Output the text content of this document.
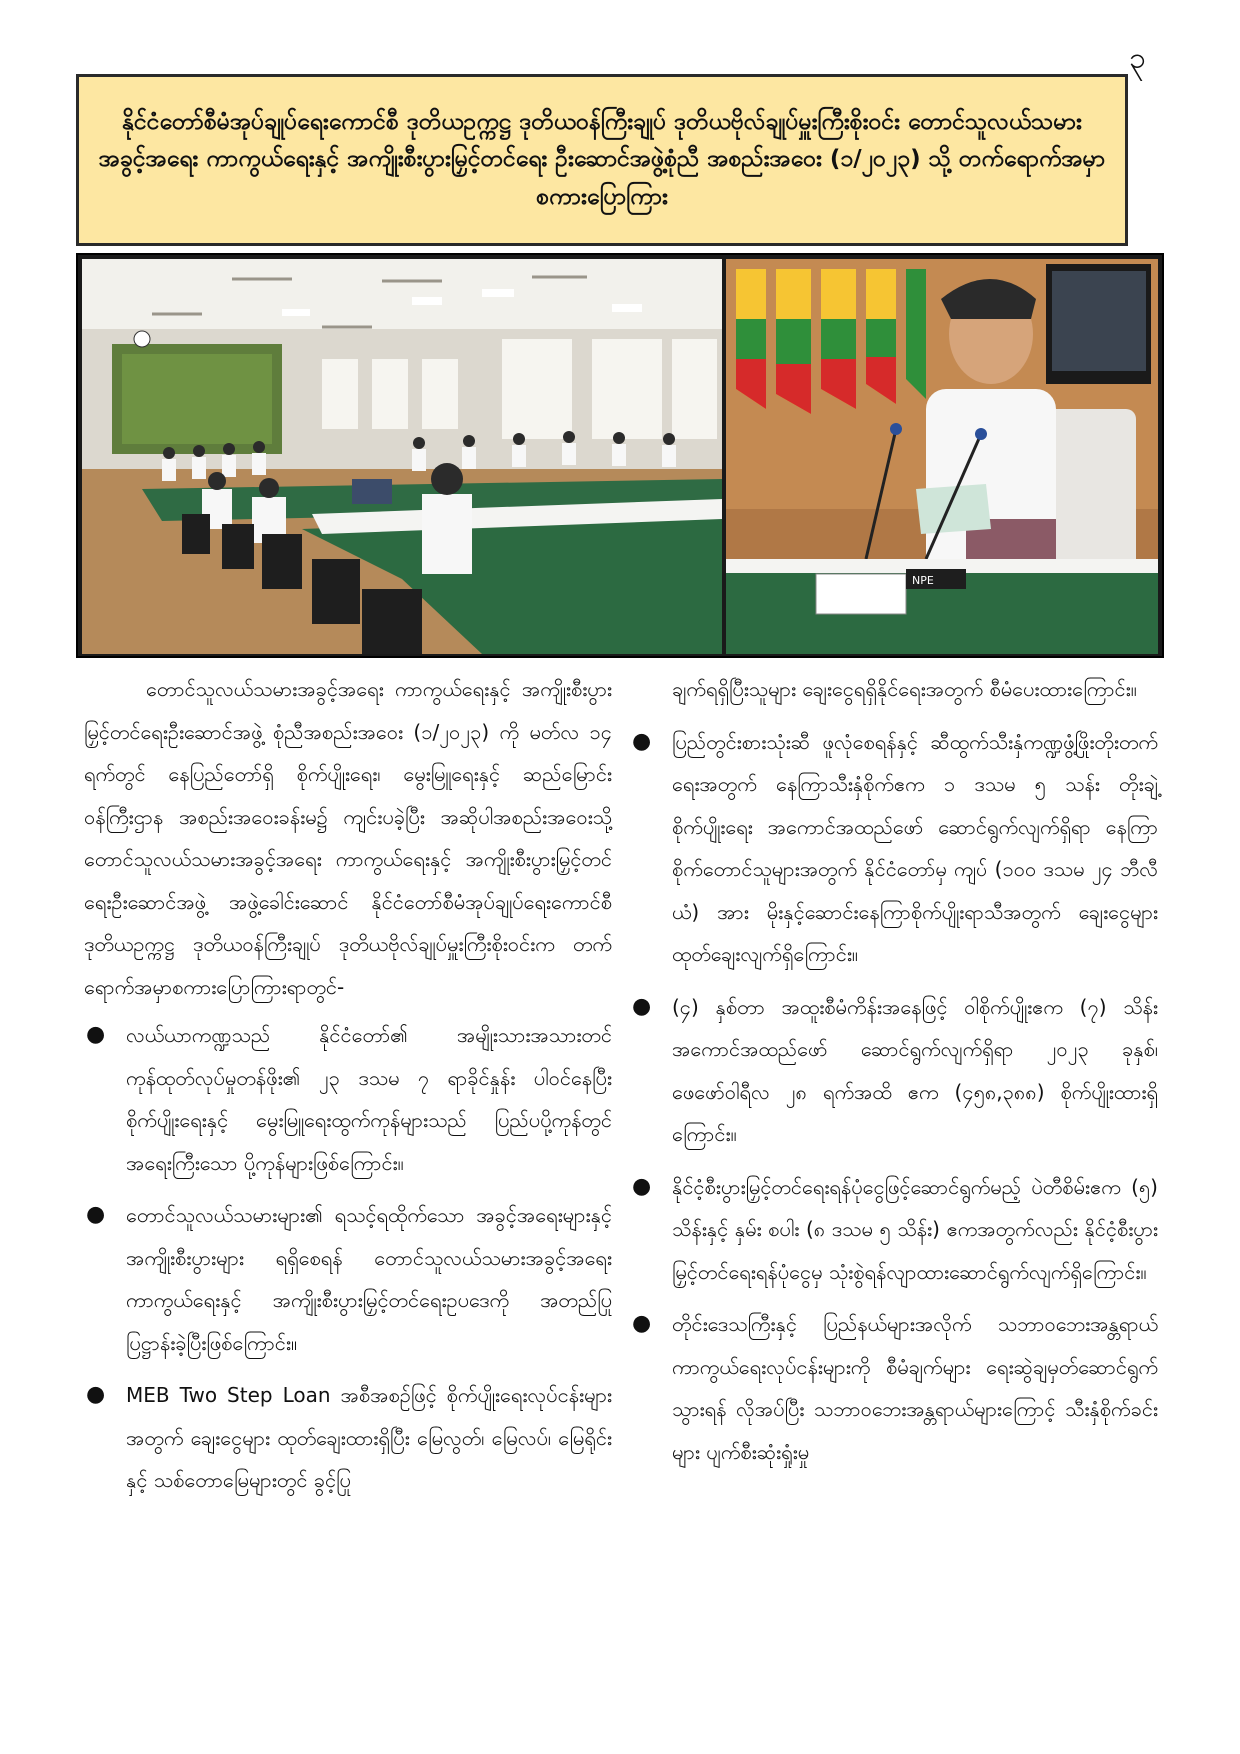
၃
နိုင်ငံတော်စီမံအုပ်ချုပ်ရေးကောင်စီ ဒုတိယဥက္ကဋ္ဌ ဒုတိယဝန်ကြီးချုပ် ဒုတိယဗိုလ်ချုပ်မှူးကြီးစိုးဝင်း တောင်သူလယ်သမားအခွင့်အရေး ကာကွယ်ရေးနှင့် အကျိုးစီးပွားမြှင့်တင်ရေး ဦးဆောင်အဖွဲ့စုံညီ အစည်းအဝေး (၁/၂၀၂၃) သို့ တက်ရောက်အမှာစကားပြောကြား
NPE

တောင်သူလယ်သမားအခွင့်အရေး ကာကွယ်ရေးနှင့် အကျိုးစီးပွားမြှင့်တင်ရေးဦးဆောင်အဖွဲ့ စုံညီအစည်းအဝေး (၁/၂၀၂၃) ကို မတ်လ ၁၄ ရက်တွင် နေပြည်တော်ရှိ စိုက်ပျိုးရေး၊ မွေးမြူရေးနှင့် ဆည်မြောင်းဝန်ကြီးဌာန အစည်းအဝေးခန်းမ၌ ကျင်းပခဲ့ပြီး အဆိုပါအစည်းအဝေးသို့ တောင်သူလယ်သမားအခွင့်အရေး ကာကွယ်ရေးနှင့် အကျိုးစီးပွားမြှင့်တင်ရေးဦးဆောင်အဖွဲ့ အဖွဲ့ခေါင်းဆောင် နိုင်ငံတော်စီမံအုပ်ချုပ်ရေးကောင်စီ ဒုတိယဥက္ကဋ္ဌ ဒုတိယဝန်ကြီးချုပ် ဒုတိယဗိုလ်ချုပ်မှူးကြီးစိုးဝင်းက တက်ရောက်အမှာစကားပြောကြားရာတွင်-

● လယ်ယာကဏ္ဍသည် နိုင်ငံတော်၏ အမျိုးသားအသားတင်ကုန်ထုတ်လုပ်မှုတန်ဖိုး၏ ၂၃ ဒသမ ၇ ရာခိုင်နှုန်း ပါဝင်နေပြီး စိုက်ပျိုးရေးနှင့် မွေးမြူရေးထွက်ကုန်များသည် ပြည်ပပို့ကုန်တွင် အရေးကြီးသော ပို့ကုန်များဖြစ်ကြောင်း။
● တောင်သူလယ်သမားများ၏ ရသင့်ရထိုက်သော အခွင့်အရေးများနှင့် အကျိုးစီးပွားများ ရရှိစေရန် တောင်သူလယ်သမားအခွင့်အရေး ကာကွယ်ရေးနှင့် အကျိုးစီးပွားမြှင့်တင်ရေးဥပဒေကို အတည်ပြုပြဋ္ဌာန်းခဲ့ပြီးဖြစ်ကြောင်း။
● MEB Two Step Loan အစီအစဉ်ဖြင့် စိုက်ပျိုးရေးလုပ်ငန်းများအတွက် ချေးငွေများ ထုတ်ချေးထားရှိပြီး မြေလွတ်၊ မြေလပ်၊ မြေရိုင်းနှင့် သစ်တောမြေများတွင် ခွင့်ပြု

ချက်ရရှိပြီးသူများ ချေးငွေရရှိနိုင်ရေးအတွက် စီမံပေးထားကြောင်း။

● ပြည်တွင်းစားသုံးဆီ ဖူလုံစေရန်နှင့် ဆီထွက်သီးနှံကဏ္ဍဖွံ့ဖြိုးတိုးတက်ရေးအတွက် နေကြာသီးနှံစိုက်ဧက ၁ ဒသမ ၅ သန်း တိုးချဲ့စိုက်ပျိုးရေး အကောင်အထည်ဖော် ဆောင်ရွက်လျက်ရှိရာ နေကြာစိုက်တောင်သူများအတွက် နိုင်ငံတော်မှ ကျပ် (၁၀၀ ဒသမ ၂၄ ဘီလီယံ) အား မိုးနှင့်ဆောင်းနေကြာစိုက်ပျိုးရာသီအတွက် ချေးငွေများ ထုတ်ချေးလျက်ရှိကြောင်း။
● (၄) နှစ်တာ အထူးစီမံကိန်းအနေဖြင့် ဝါစိုက်ပျိုးဧက (၇) သိန်း အကောင်အထည်ဖော် ဆောင်ရွက်လျက်ရှိရာ ၂၀၂၃ ခုနှစ်၊ ဖေဖော်ဝါရီလ ၂၈ ရက်အထိ ဧက (၄၅၈,၃၈၈) စိုက်ပျိုးထားရှိကြောင်း။
● နိုင်ငံ့စီးပွားမြှင့်တင်ရေးရန်ပုံငွေဖြင့်ဆောင်ရွက်မည့် ပဲတီစိမ်းဧက (၅) သိန်းနှင့် နှမ်း စပါး (၈ ဒသမ ၅ သိန်း) ဧကအတွက်လည်း နိုင်ငံ့စီးပွားမြှင့်တင်ရေးရန်ပုံငွေမှ သုံးစွဲရန်လျာထားဆောင်ရွက်လျက်ရှိကြောင်း။
● တိုင်းဒေသကြီးနှင့် ပြည်နယ်များအလိုက် သဘာဝဘေးအန္တရာယ်ကာကွယ်ရေးလုပ်ငန်းများကို စီမံချက်များ ရေးဆွဲချမှတ်ဆောင်ရွက်သွားရန် လိုအပ်ပြီး သဘာဝဘေးအန္တရာယ်များကြောင့် သီးနှံစိုက်ခင်းများ ပျက်စီးဆုံးရှုံးမှု
